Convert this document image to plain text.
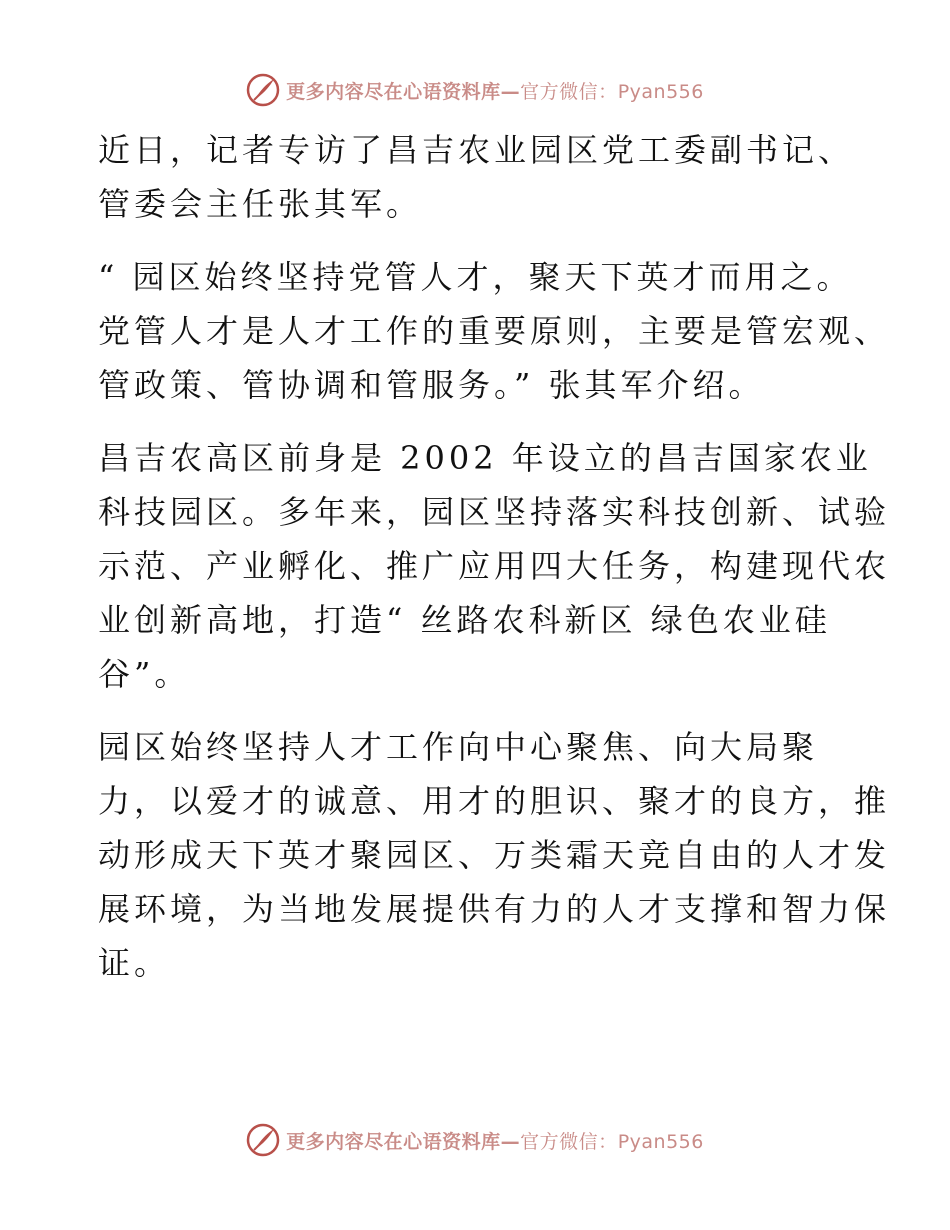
更多内容尽在心语资料库—官方微信：Pyan556

近日，记者专访了昌吉农业园区党工委副书记、
管委会主任张其军。

“ 园区始终坚持党管人才，聚天下英才而用之。
党管人才是人才工作的重要原则，主要是管宏观、
管政策、管协调和管服务。” 张其军介绍。

昌吉农高区前身是 2002 年设立的昌吉国家农业
科技园区。多年来，园区坚持落实科技创新、试验
示范、产业孵化、推广应用四大任务，构建现代农
业创新高地，打造“ 丝路农科新区 绿色农业硅
谷”。

园区始终坚持人才工作向中心聚焦、向大局聚
力，以爱才的诚意、用才的胆识、聚才的良方，推
动形成天下英才聚园区、万类霜天竞自由的人才发
展环境，为当地发展提供有力的人才支撑和智力保
证。

更多内容尽在心语资料库—官方微信：Pyan556
